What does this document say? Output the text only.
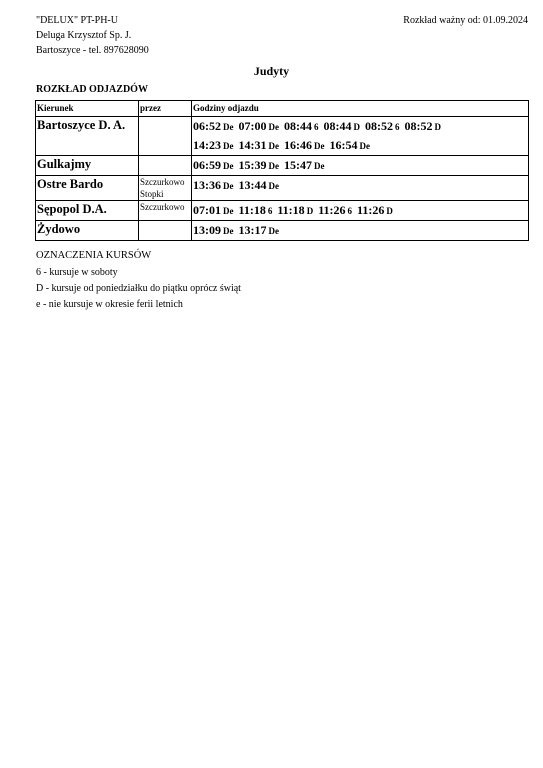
"DELUX" PT-PH-U
Deluga Krzysztof Sp. J.
Bartoszyce - tel. 897628090
Rozkład ważny od: 01.09.2024
Judyty
ROZKŁAD ODJAZDÓW
Kierunek	przez	Godziny odjazdu
Bartoszyce D. A.		06:52 De 07:00 De 08:44 6 08:44 D 08:52 6 08:52 D
14:23 De 14:31 De 16:46 De 16:54 De

Gulkajmy		06:59 De 15:39 De 15:47 De

Ostre Bardo	Szczurkowo Stopki	13:36 De 13:44 De

Sępopol D.A.	Szczurkowo	07:01 De 11:18 6 11:18 D 11:26 6 11:26 D

Żydowo		13:09 De 13:17 De
OZNACZENIA KURSÓW
6 - kursuje w soboty
D - kursuje od poniedziałku do piątku oprócz świąt
e - nie kursuje w okresie ferii letnich
